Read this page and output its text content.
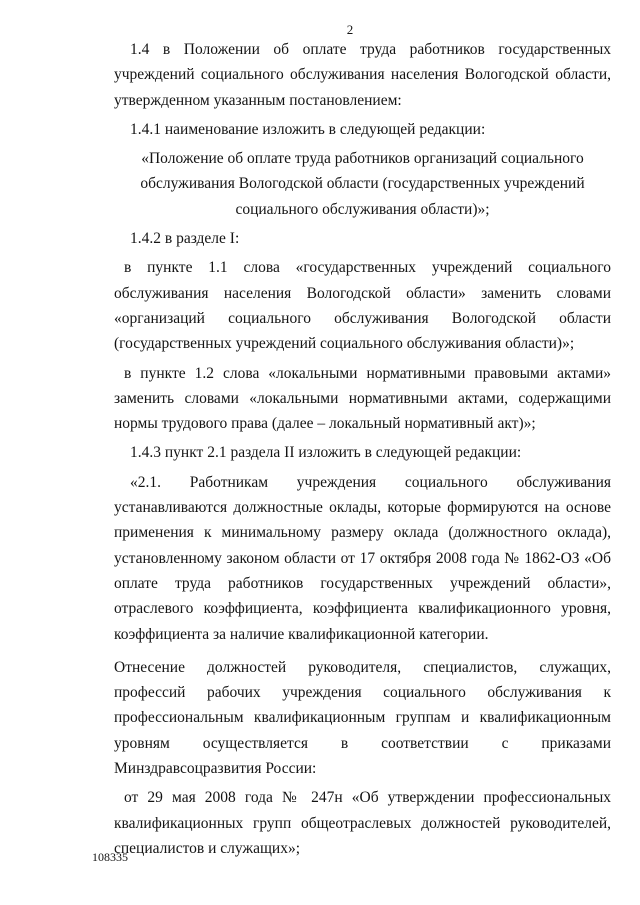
2

1.4 в Положении об оплате труда работников государственных учреждений социального обслуживания населения Вологодской области, утвержденном указанным постановлением:

1.4.1 наименование изложить в следующей редакции:

«Положение об оплате труда работников организаций социального обслуживания Вологодской области (государственных учреждений социального обслуживания области)»;

1.4.2 в разделе I:

в пункте 1.1 слова «государственных учреждений социального обслуживания населения Вологодской области» заменить словами «организаций социального обслуживания Вологодской области (государственных учреждений социального обслуживания области)»;

в пункте 1.2 слова «локальными нормативными правовыми актами» заменить словами «локальными нормативными актами, содержащими нормы трудового права (далее – локальный нормативный акт)»;

1.4.3 пункт 2.1 раздела II изложить в следующей редакции:

«2.1. Работникам учреждения социального обслуживания устанавливаются должностные оклады, которые формируются на основе применения к минимальному размеру оклада (должностного оклада), установленному законом области от 17 октября 2008 года № 1862-ОЗ «Об оплате труда работников государственных учреждений области», отраслевого коэффициента, коэффициента квалификационного уровня, коэффициента за наличие квалификационной категории.

Отнесение должностей руководителя, специалистов, служащих, профессий рабочих учреждения социального обслуживания к профессиональным квалификационным группам и квалификационным уровням осуществляется в соответствии с приказами Минздравсоцразвития России:

от 29 мая 2008 года № 247н «Об утверждении профессиональных квалификационных групп общеотраслевых должностей руководителей, специалистов и служащих»;

108335
